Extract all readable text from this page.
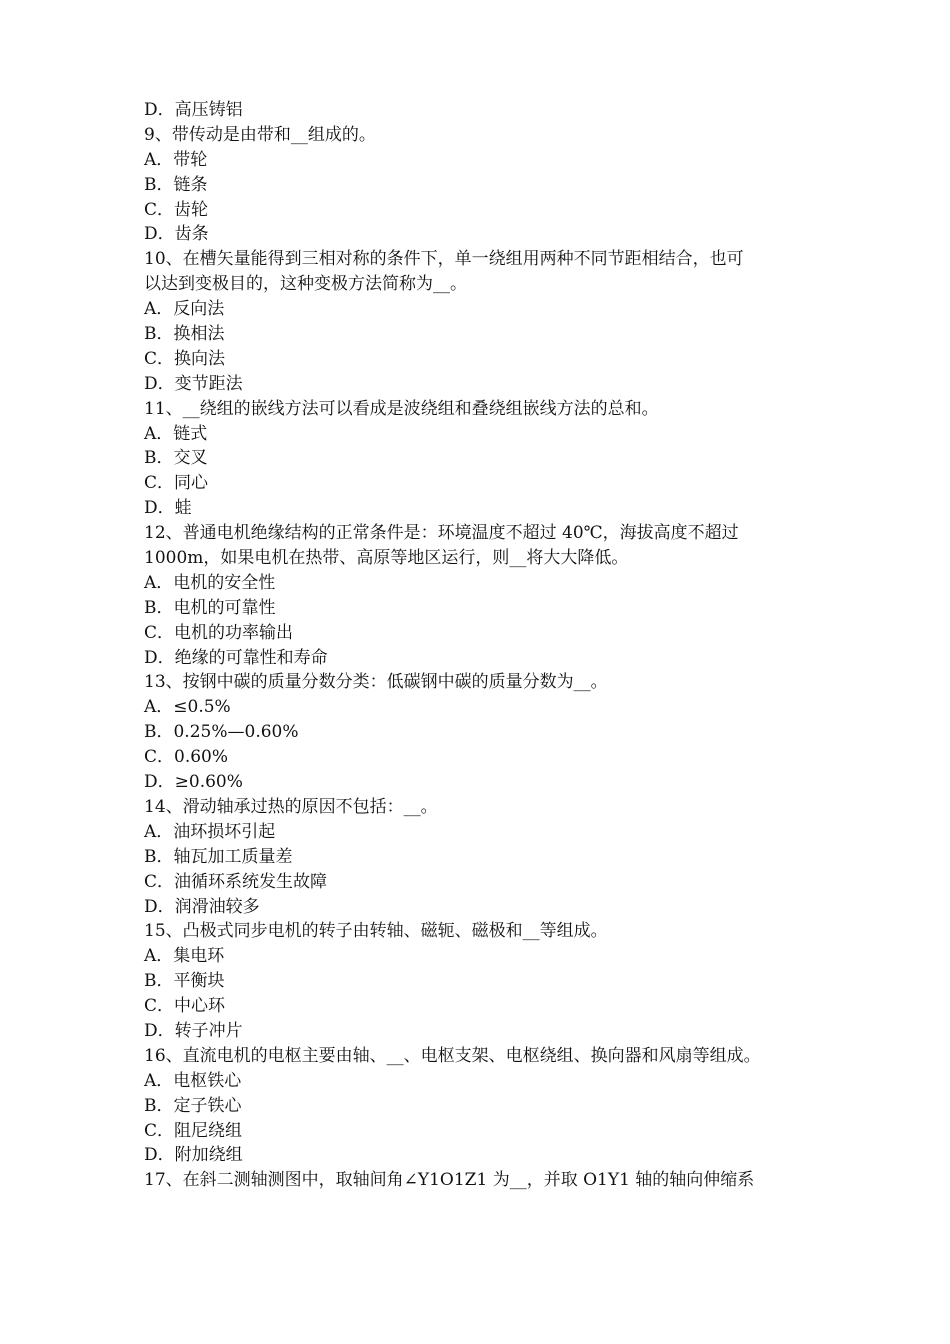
D．高压铸铝
9、带传动是由带和__组成的。
A．带轮
B．链条
C．齿轮
D．齿条
10、在槽矢量能得到三相对称的条件下，单一绕组用两种不同节距相结合，也可
以达到变极目的，这种变极方法简称为__。
A．反向法
B．换相法
C．换向法
D．变节距法
11、__绕组的嵌线方法可以看成是波绕组和叠绕组嵌线方法的总和。
A．链式
B．交叉
C．同心
D．蛙
12、普通电机绝缘结构的正常条件是：环境温度不超过 40℃，海拔高度不超过
1000m，如果电机在热带、高原等地区运行，则__将大大降低。
A．电机的安全性
B．电机的可靠性
C．电机的功率输出
D．绝缘的可靠性和寿命
13、按钢中碳的质量分数分类：低碳钢中碳的质量分数为__。
A．≤0.5%
B．0.25%—0.60%
C．0.60%
D．≥0.60%
14、滑动轴承过热的原因不包括：__。
A．油环损坏引起
B．轴瓦加工质量差
C．油循环系统发生故障
D．润滑油较多
15、凸极式同步电机的转子由转轴、磁轭、磁极和__等组成。
A．集电环
B．平衡块
C．中心环
D．转子冲片
16、直流电机的电枢主要由轴、__、电枢支架、电枢绕组、换向器和风扇等组成。
A．电枢铁心
B．定子铁心
C．阻尼绕组
D．附加绕组
17、在斜二测轴测图中，取轴间角∠Y1O1Z1 为__，并取 O1Y1 轴的轴向伸缩系
